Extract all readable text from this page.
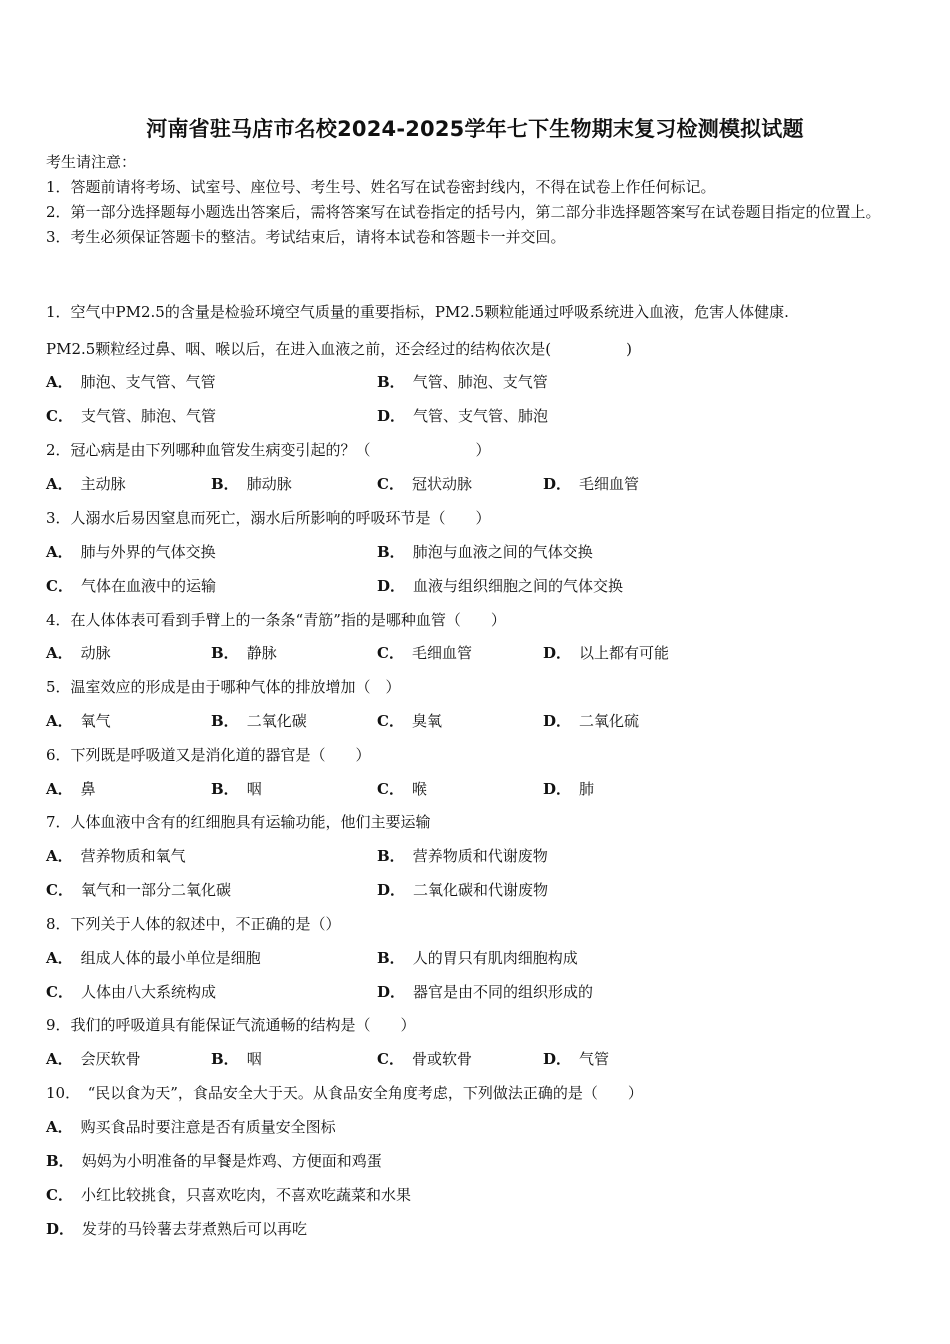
河南省驻马店市名校2024-2025学年七下生物期末复习检测模拟试题
考生请注意：
1．答题前请将考场、试室号、座位号、考生号、姓名写在试卷密封线内，不得在试卷上作任何标记。
2．第一部分选择题每小题选出答案后，需将答案写在试卷指定的括号内，第二部分非选择题答案写在试卷题目指定的位置上。
3．考生必须保证答题卡的整洁。考试结束后，请将本试卷和答题卡一并交回。
1．空气中PM2.5的含量是检验环境空气质量的重要指标，PM2.5颗粒能通过呼吸系统进入血液，危害人体健康.
PM2.5颗粒经过鼻、咽、喉以后，在进入血液之前，还会经过的结构依次是(　　　　　)
A． 肺泡、支气管、气管	B． 气管、肺泡、支气管
C． 支气管、肺泡、气管	D． 气管、支气管、肺泡
2．冠心病是由下列哪种血管发生病变引起的？（　　　　　　　）
A． 主动脉	B． 肺动脉	C． 冠状动脉	D． 毛细血管
3．人溺水后易因窒息而死亡，溺水后所影响的呼吸环节是（　　）
A． 肺与外界的气体交换	B． 肺泡与血液之间的气体交换
C． 气体在血液中的运输	D． 血液与组织细胞之间的气体交换
4．在人体体表可看到手臂上的一条条“青筋”指的是哪种血管（　　）
A． 动脉	B． 静脉	C． 毛细血管	D． 以上都有可能
5．温室效应的形成是由于哪种气体的排放增加（　）
A． 氧气	B． 二氧化碳	C． 臭氧	D． 二氧化硫
6．下列既是呼吸道又是消化道的器官是（　　）
A． 鼻	B． 咽	C． 喉	D． 肺
7．人体血液中含有的红细胞具有运输功能，他们主要运输
A． 营养物质和氧气	B． 营养物质和代谢废物
C． 氧气和一部分二氧化碳	D． 二氧化碳和代谢废物
8．下列关于人体的叙述中，不正确的是（）
A． 组成人体的最小单位是细胞	B． 人的胃只有肌肉细胞构成
C． 人体由八大系统构成	D． 器官是由不同的组织形成的
9．我们的呼吸道具有能保证气流通畅的结构是（　　）
A． 会厌软骨	B． 咽	C． 骨或软骨	D． 气管
10．　“民以食为天”，食品安全大于天。从食品安全角度考虑，下列做法正确的是（　　）
A． 购买食品时要注意是否有质量安全图标
B． 妈妈为小明准备的早餐是炸鸡、方便面和鸡蛋
C． 小红比较挑食，只喜欢吃肉，不喜欢吃蔬菜和水果
D． 发芽的马铃薯去芽煮熟后可以再吃
